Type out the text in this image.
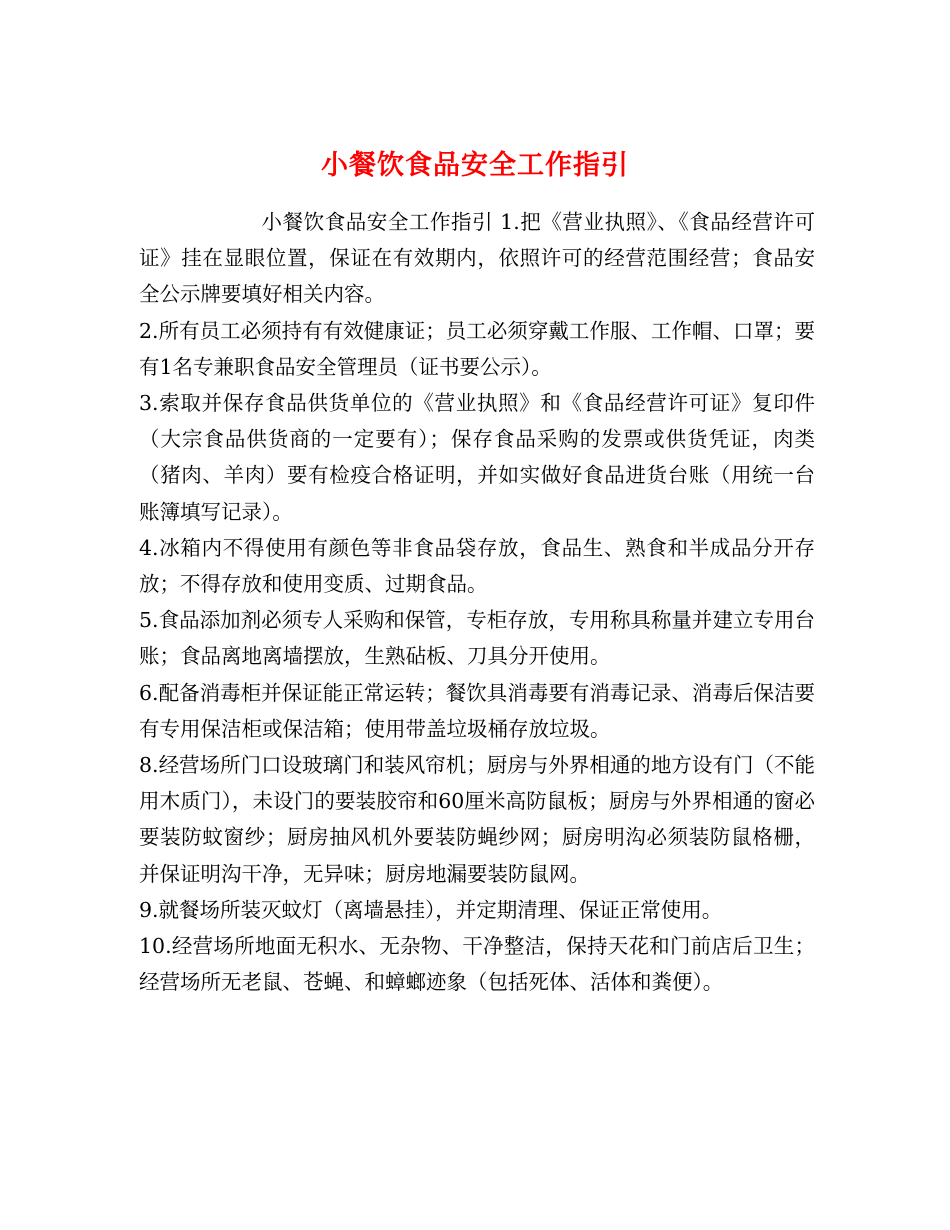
小餐饮食品安全工作指引

小餐饮食品安全工作指引 1.把《营业执照》、《食品经营许可证》挂在显眼位置，保证在有效期内，依照许可的经营范围经营；食品安全公示牌要填好相关内容。

2.所有员工必须持有有效健康证；员工必须穿戴工作服、工作帽、口罩；要有1名专兼职食品安全管理员（证书要公示）。

3.索取并保存食品供货单位的《营业执照》和《食品经营许可证》复印件（大宗食品供货商的一定要有）；保存食品采购的发票或供货凭证，肉类（猪肉、羊肉）要有检疫合格证明，并如实做好食品进货台账（用统一台账簿填写记录）。

4.冰箱内不得使用有颜色等非食品袋存放，食品生、熟食和半成品分开存放；不得存放和使用变质、过期食品。

5.食品添加剂必须专人采购和保管，专柜存放，专用称具称量并建立专用台账；食品离地离墙摆放，生熟砧板、刀具分开使用。

6.配备消毒柜并保证能正常运转；餐饮具消毒要有消毒记录、消毒后保洁要有专用保洁柜或保洁箱；使用带盖垃圾桶存放垃圾。

8.经营场所门口设玻璃门和装风帘机；厨房与外界相通的地方设有门（不能用木质门），未设门的要装胶帘和60厘米高防鼠板；厨房与外界相通的窗必要装防蚊窗纱；厨房抽风机外要装防蝇纱网；厨房明沟必须装防鼠格栅，并保证明沟干净，无异味；厨房地漏要装防鼠网。

9.就餐场所装灭蚊灯（离墙悬挂），并定期清理、保证正常使用。

10.经营场所地面无积水、无杂物、干净整洁，保持天花和门前店后卫生；经营场所无老鼠、苍蝇、和蟑螂迹象（包括死体、活体和粪便）。
